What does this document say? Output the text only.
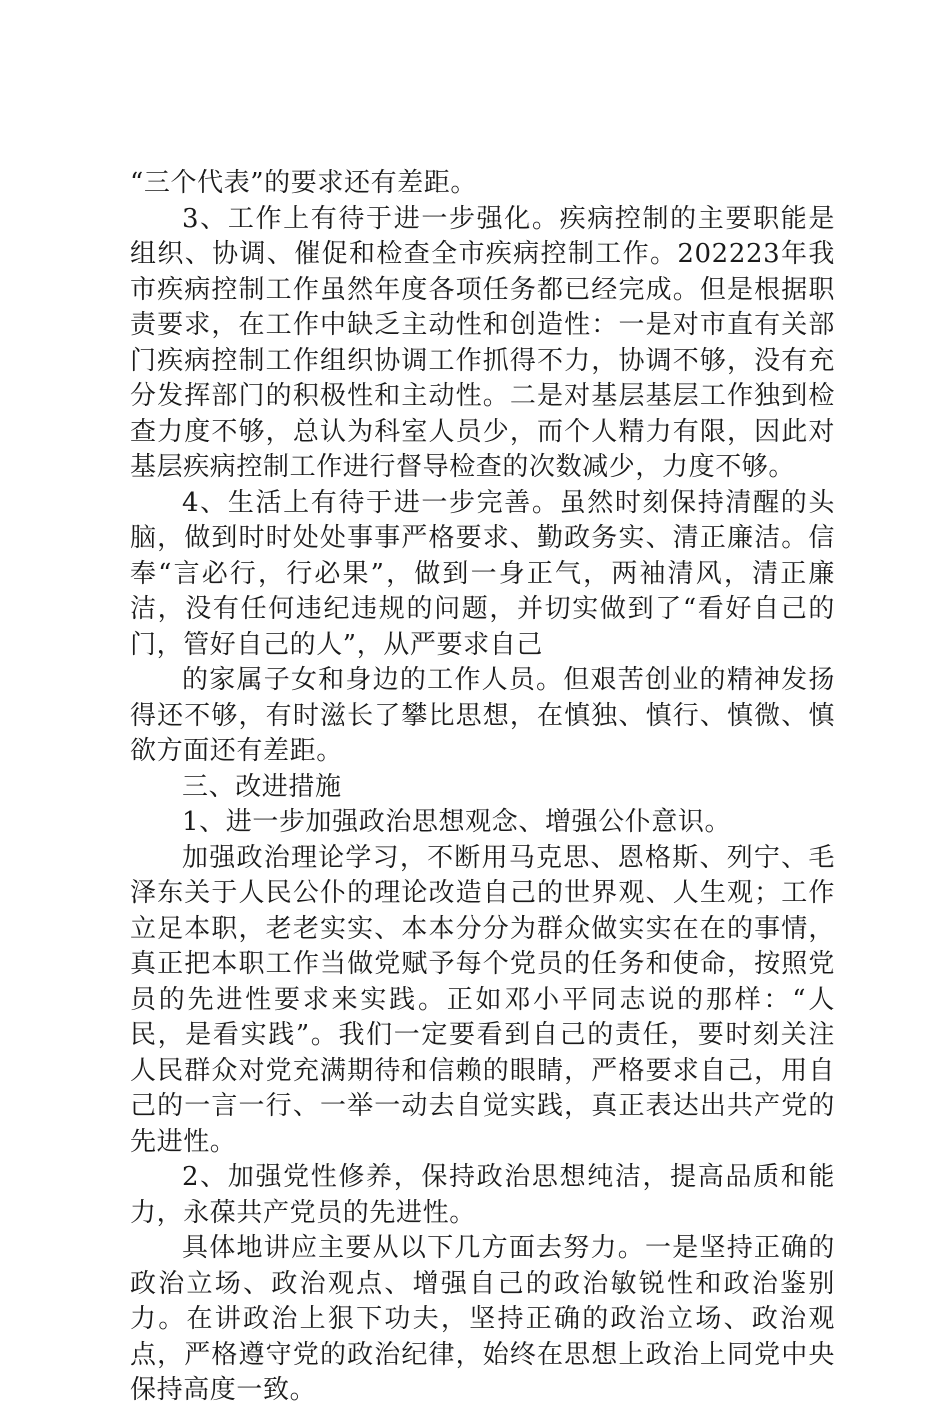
“三个代表”的要求还有差距。

3、工作上有待于进一步强化。疾病控制的主要职能是组织、协调、催促和检查全市疾病控制工作。202223年我市疾病控制工作虽然年度各项任务都已经完成。但是根据职责要求，在工作中缺乏主动性和创造性：一是对市直有关部门疾病控制工作组织协调工作抓得不力，协调不够，没有充分发挥部门的积极性和主动性。二是对基层基层工作独到检查力度不够，总认为科室人员少，而个人精力有限，因此对基层疾病控制工作进行督导检查的次数减少，力度不够。

4、生活上有待于进一步完善。虽然时刻保持清醒的头脑，做到时时处处事事严格要求、勤政务实、清正廉洁。信奉“言必行，行必果”，做到一身正气，两袖清风，清正廉洁，没有任何违纪违规的问题，并切实做到了“看好自己的门，管好自己的人”，从严要求自己

的家属子女和身边的工作人员。但艰苦创业的精神发扬得还不够，有时滋长了攀比思想，在慎独、慎行、慎微、慎欲方面还有差距。

三、改进措施

1、进一步加强政治思想观念、增强公仆意识。

加强政治理论学习，不断用马克思、恩格斯、列宁、毛泽东关于人民公仆的理论改造自己的世界观、人生观；工作立足本职，老老实实、本本分分为群众做实实在在的事情，真正把本职工作当做党赋予每个党员的任务和使命，按照党员的先进性要求来实践。正如邓小平同志说的那样：“人民，是看实践”。我们一定要看到自己的责任，要时刻关注人民群众对党充满期待和信赖的眼睛，严格要求自己，用自己的一言一行、一举一动去自觉实践，真正表达出共产党的先进性。

2、加强党性修养，保持政治思想纯洁，提高品质和能力，永葆共产党员的先进性。

具体地讲应主要从以下几方面去努力。一是坚持正确的政治立场、政治观点、增强自己的政治敏锐性和政治鉴别力。在讲政治上狠下功夫，坚持正确的政治立场、政治观点，严格遵守党的政治纪律，始终在思想上政治上同党中央保持高度一致。
